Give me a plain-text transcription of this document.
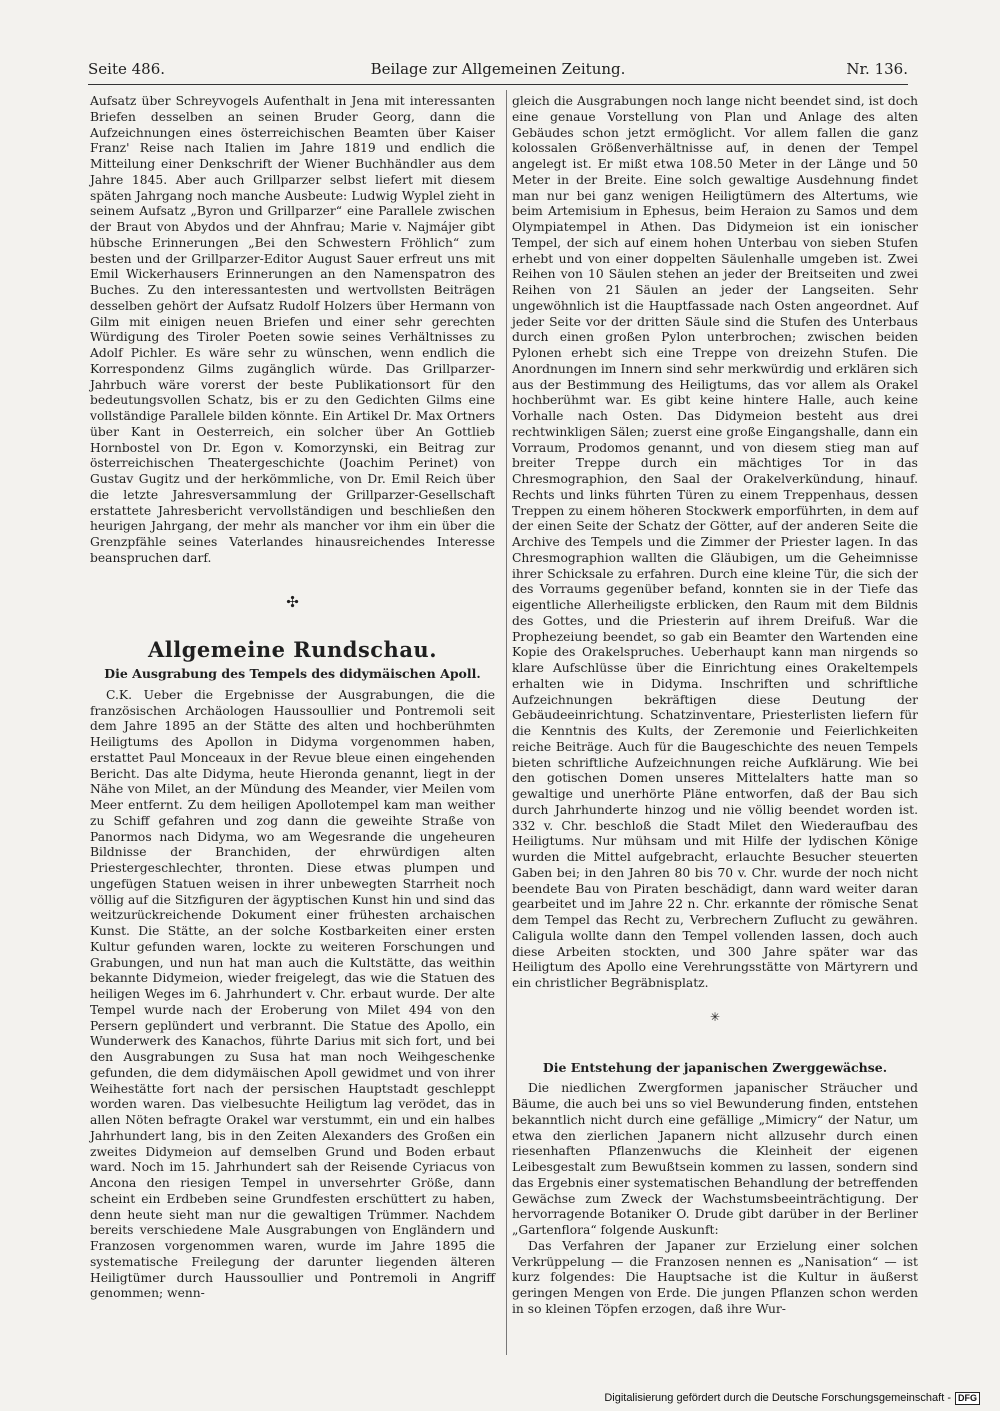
Seite 486.	Beilage zur Allgemeinen Zeitung.	Nr. 136.

Aufsatz über Schreyvogels Aufenthalt in Jena mit interessanten Briefen desselben an seinen Bruder Georg, dann die Aufzeichnungen eines österreichischen Beamten über Kaiser Franz' Reise nach Italien im Jahre 1819 und endlich die Mitteilung einer Denkschrift der Wiener Buchhändler aus dem Jahre 1845. Aber auch Grillparzer selbst liefert mit diesem späten Jahrgang noch manche Ausbeute: Ludwig Wyplel zieht in seinem Aufsatz „Byron und Grillparzer“ eine Parallele zwischen der Braut von Abydos und der Ahnfrau; Marie v. Najmájer gibt hübsche Erinnerungen „Bei den Schwestern Fröhlich“ zum besten und der Grillparzer-Editor August Sauer erfreut uns mit Emil Wickerhausers Erinnerungen an den Namenspatron des Buches. Zu den interessantesten und wertvollsten Beiträgen desselben gehört der Aufsatz Rudolf Holzers über Hermann von Gilm mit einigen neuen Briefen und einer sehr gerechten Würdigung des Tiroler Poeten sowie seines Verhältnisses zu Adolf Pichler. Es wäre sehr zu wünschen, wenn endlich die Korrespondenz Gilms zugänglich würde. Das Grillparzer-Jahrbuch wäre vorerst der beste Publikationsort für den bedeutungsvollen Schatz, bis er zu den Gedichten Gilms eine vollständige Parallele bilden könnte. Ein Artikel Dr. Max Ortners über Kant in Oesterreich, ein solcher über An Gottlieb Hornbostel von Dr. Egon v. Komorzynski, ein Beitrag zur österreichischen Theatergeschichte (Joachim Perinet) von Gustav Gugitz und der herkömmliche, von Dr. Emil Reich über die letzte Jahresversammlung der Grillparzer-Gesellschaft erstattete Jahresbericht vervollständigen und beschließen den heurigen Jahrgang, der mehr als mancher vor ihm ein über die Grenzpfähle seines Vaterlandes hinausreichendes Interesse beanspruchen darf.

✣
Allgemeine Rundschau.
Die Ausgrabung des Tempels des didymäischen Apoll.

C.K. Ueber die Ergebnisse der Ausgrabungen, die die französischen Archäologen Haussoullier und Pontremoli seit dem Jahre 1895 an der Stätte des alten und hochberühmten Heiligtums des Apollon in Didyma vorgenommen haben, erstattet Paul Monceaux in der Revue bleue einen eingehenden Bericht. Das alte Didyma, heute Hieronda genannt, liegt in der Nähe von Milet, an der Mündung des Meander, vier Meilen vom Meer entfernt. Zu dem heiligen Apollotempel kam man weither zu Schiff gefahren und zog dann die geweihte Straße von Panormos nach Didyma, wo am Wegesrande die ungeheuren Bildnisse der Branchiden, der ehrwürdigen alten Priestergeschlechter, thronten. Diese etwas plumpen und ungefügen Statuen weisen in ihrer unbewegten Starrheit noch völlig auf die Sitzfiguren der ägyptischen Kunst hin und sind das weitzurückreichende Dokument einer frühesten archaischen Kunst. Die Stätte, an der solche Kostbarkeiten einer ersten Kultur gefunden waren, lockte zu weiteren Forschungen und Grabungen, und nun hat man auch die Kultstätte, das weithin bekannte Didymeion, wieder freigelegt, das wie die Statuen des heiligen Weges im 6. Jahrhundert v. Chr. erbaut wurde. Der alte Tempel wurde nach der Eroberung von Milet 494 von den Persern geplündert und verbrannt. Die Statue des Apollo, ein Wunderwerk des Kanachos, führte Darius mit sich fort, und bei den Ausgrabungen zu Susa hat man noch Weihgeschenke gefunden, die dem didymäischen Apoll gewidmet und von ihrer Weihestätte fort nach der persischen Hauptstadt geschleppt worden waren. Das vielbesuchte Heiligtum lag verödet, das in allen Nöten befragte Orakel war verstummt, ein und ein halbes Jahrhundert lang, bis in den Zeiten Alexanders des Großen ein zweites Didymeion auf demselben Grund und Boden erbaut ward. Noch im 15. Jahrhundert sah der Reisende Cyriacus von Ancona den riesigen Tempel in unversehrter Größe, dann scheint ein Erdbeben seine Grundfesten erschüttert zu haben, denn heute sieht man nur die gewaltigen Trümmer. Nachdem bereits verschiedene Male Ausgrabungen von Engländern und Franzosen vorgenommen waren, wurde im Jahre 1895 die systematische Freilegung der darunter liegenden älteren Heiligtümer durch Haussoullier und Pontremoli in Angriff genommen; wenn-

gleich die Ausgrabungen noch lange nicht beendet sind, ist doch eine genaue Vorstellung von Plan und Anlage des alten Gebäudes schon jetzt ermöglicht. Vor allem fallen die ganz kolossalen Größenverhältnisse auf, in denen der Tempel angelegt ist. Er mißt etwa 108.50 Meter in der Länge und 50 Meter in der Breite. Eine solch gewaltige Ausdehnung findet man nur bei ganz wenigen Heiligtümern des Altertums, wie beim Artemisium in Ephesus, beim Heraion zu Samos und dem Olympiatempel in Athen. Das Didymeion ist ein ionischer Tempel, der sich auf einem hohen Unterbau von sieben Stufen erhebt und von einer doppelten Säulenhalle umgeben ist. Zwei Reihen von 10 Säulen stehen an jeder der Breitseiten und zwei Reihen von 21 Säulen an jeder der Langseiten. Sehr ungewöhnlich ist die Hauptfassade nach Osten angeordnet. Auf jeder Seite vor der dritten Säule sind die Stufen des Unterbaus durch einen großen Pylon unterbrochen; zwischen beiden Pylonen erhebt sich eine Treppe von dreizehn Stufen. Die Anordnungen im Innern sind sehr merkwürdig und erklären sich aus der Bestimmung des Heiligtums, das vor allem als Orakel hochberühmt war. Es gibt keine hintere Halle, auch keine Vorhalle nach Osten. Das Didymeion besteht aus drei rechtwinkligen Sälen; zuerst eine große Eingangshalle, dann ein Vorraum, Prodomos genannt, und von diesem stieg man auf breiter Treppe durch ein mächtiges Tor in das Chresmographion, den Saal der Orakelverkündung, hinauf. Rechts und links führten Türen zu einem Treppenhaus, dessen Treppen zu einem höheren Stockwerk emporführten, in dem auf der einen Seite der Schatz der Götter, auf der anderen Seite die Archive des Tempels und die Zimmer der Priester lagen. In das Chresmographion wallten die Gläubigen, um die Geheimnisse ihrer Schicksale zu erfahren. Durch eine kleine Tür, die sich der des Vorraums gegenüber befand, konnten sie in der Tiefe das eigentliche Allerheiligste erblicken, den Raum mit dem Bildnis des Gottes, und die Priesterin auf ihrem Dreifuß. War die Prophezeiung beendet, so gab ein Beamter den Wartenden eine Kopie des Orakelspruches. Ueberhaupt kann man nirgends so klare Aufschlüsse über die Einrichtung eines Orakeltempels erhalten wie in Didyma. Inschriften und schriftliche Aufzeichnungen bekräftigen diese Deutung der Gebäudeeinrichtung. Schatzinventare, Priesterlisten liefern für die Kenntnis des Kults, der Zeremonie und Feierlichkeiten reiche Beiträge. Auch für die Baugeschichte des neuen Tempels bieten schriftliche Aufzeichnungen reiche Aufklärung. Wie bei den gotischen Domen unseres Mittelalters hatte man so gewaltige und unerhörte Pläne entworfen, daß der Bau sich durch Jahrhunderte hinzog und nie völlig beendet worden ist. 332 v. Chr. beschloß die Stadt Milet den Wiederaufbau des Heiligtums. Nur mühsam und mit Hilfe der lydischen Könige wurden die Mittel aufgebracht, erlauchte Besucher steuerten Gaben bei; in den Jahren 80 bis 70 v. Chr. wurde der noch nicht beendete Bau von Piraten beschädigt, dann ward weiter daran gearbeitet und im Jahre 22 n. Chr. erkannte der römische Senat dem Tempel das Recht zu, Verbrechern Zuflucht zu gewähren. Caligula wollte dann den Tempel vollenden lassen, doch auch diese Arbeiten stockten, und 300 Jahre später war das Heiligtum des Apollo eine Verehrungsstätte von Märtyrern und ein christlicher Begräbnisplatz.

✳
Die Entstehung der japanischen Zwerggewächse.

Die niedlichen Zwergformen japanischer Sträucher und Bäume, die auch bei uns so viel Bewunderung finden, entstehen bekanntlich nicht durch eine gefällige „Mimicry“ der Natur, um etwa den zierlichen Japanern nicht allzusehr durch einen riesenhaften Pflanzenwuchs die Kleinheit der eigenen Leibesgestalt zum Bewußtsein kommen zu lassen, sondern sind das Ergebnis einer systematischen Behandlung der betreffenden Gewächse zum Zweck der Wachstumsbeeinträchtigung. Der hervorragende Botaniker O. Drude gibt darüber in der Berliner „Gartenflora“ folgende Auskunft:

Das Verfahren der Japaner zur Erzielung einer solchen Verkrüppelung — die Franzosen nennen es „Nanisation“ — ist kurz folgendes: Die Hauptsache ist die Kultur in äußerst geringen Mengen von Erde. Die jungen Pflanzen schon werden in so kleinen Töpfen erzogen, daß ihre Wur-

Digitalisierung gefördert durch die Deutsche Forschungsgemeinschaft - DFG
